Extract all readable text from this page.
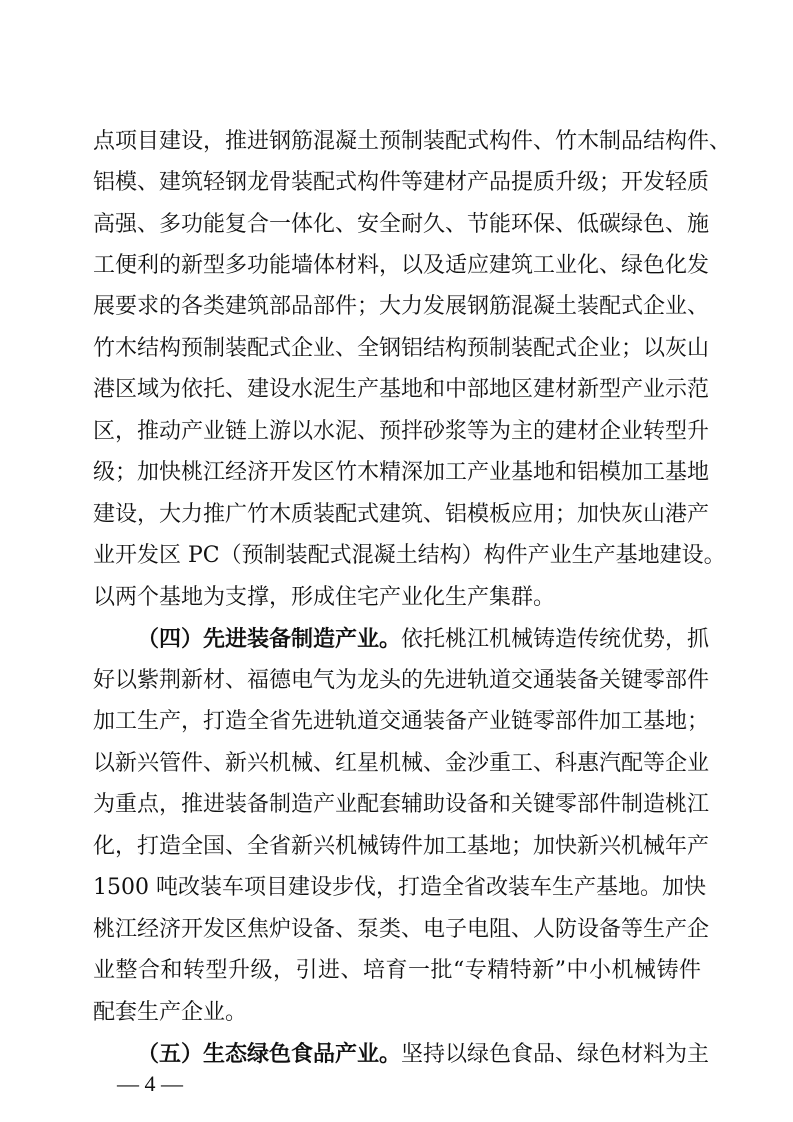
点项目建设，推进钢筋混凝土预制装配式构件、竹木制品结构件、
铝模、建筑轻钢龙骨装配式构件等建材产品提质升级；开发轻质
高强、多功能复合一体化、安全耐久、节能环保、低碳绿色、施
工便利的新型多功能墙体材料，以及适应建筑工业化、绿色化发
展要求的各类建筑部品部件；大力发展钢筋混凝土装配式企业、
竹木结构预制装配式企业、全钢铝结构预制装配式企业；以灰山
港区域为依托、建设水泥生产基地和中部地区建材新型产业示范
区，推动产业链上游以水泥、预拌砂浆等为主的建材企业转型升
级；加快桃江经济开发区竹木精深加工产业基地和铝模加工基地
建设，大力推广竹木质装配式建筑、铝模板应用；加快灰山港产
业开发区 PC（预制装配式混凝土结构）构件产业生产基地建设。
以两个基地为支撑，形成住宅产业化生产集群。
（四）先进装备制造产业。依托桃江机械铸造传统优势，抓
好以紫荆新材、福德电气为龙头的先进轨道交通装备关键零部件
加工生产，打造全省先进轨道交通装备产业链零部件加工基地；
以新兴管件、新兴机械、红星机械、金沙重工、科惠汽配等企业
为重点，推进装备制造产业配套辅助设备和关键零部件制造桃江
化，打造全国、全省新兴机械铸件加工基地；加快新兴机械年产
1500 吨改装车项目建设步伐，打造全省改装车生产基地。加快
桃江经济开发区焦炉设备、泵类、电子电阻、人防设备等生产企
业整合和转型升级，引进、培育一批“专精特新”中小机械铸件
配套生产企业。
（五）生态绿色食品产业。坚持以绿色食品、绿色材料为主
— 4 —
